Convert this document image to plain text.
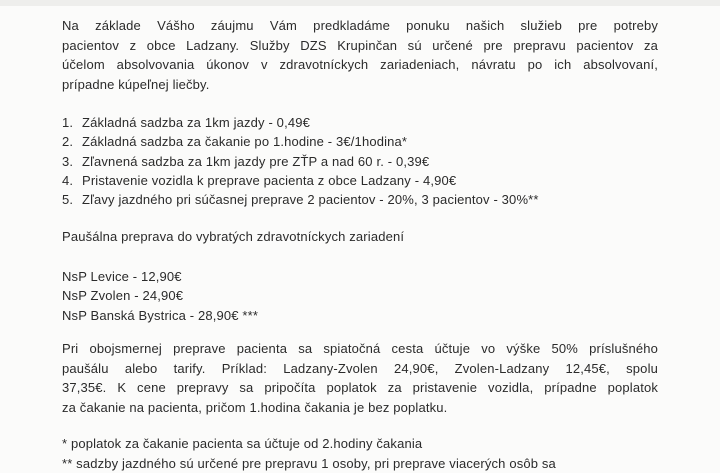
Na základe Vášho záujmu Vám predkladáme ponuku našich služieb pre potreby
pacientov z obce Ladzany. Služby DZS Krupinčan sú určené pre prepravu pacientov za
účelom absolvovania úkonov v zdravotníckych zariadeniach, návratu po ich absolvovaní,
prípadne kúpeľnej liečby.

1. Základná sadzba za 1km jazdy - 0,49€
2. Základná sadzba za čakanie po 1.hodine - 3€/1hodina*
3. Zľavnená sadzba za 1km jazdy pre ZŤP a nad 60 r. - 0,39€
4. Pristavenie vozidla k preprave pacienta z obce Ladzany - 4,90€
5. Zľavy jazdného pri súčasnej preprave 2 pacientov - 20%, 3 pacientov - 30%**
Paušálna preprava do vybratých zdravotníckych zariadení
NsP Levice - 12,90€
NsP Zvolen - 24,90€
NsP Banská Bystrica - 28,90€ ***

Pri obojsmernej preprave pacienta sa spiatočná cesta účtuje vo výške 50% príslušného
paušálu alebo tarify. Príklad: Ladzany-Zvolen 24,90€, Zvolen-Ladzany 12,45€, spolu
37,35€. K cene prepravy sa pripočíta poplatok za pristavenie vozidla, prípadne poplatok
za čakanie na pacienta, pričom 1.hodina čakania je bez poplatku.

* poplatok za čakanie pacienta sa účtuje od 2.hodiny čakania
** sadzby jazdného sú určené pre prepravu 1 osoby, pri preprave viacerých osôb sa
